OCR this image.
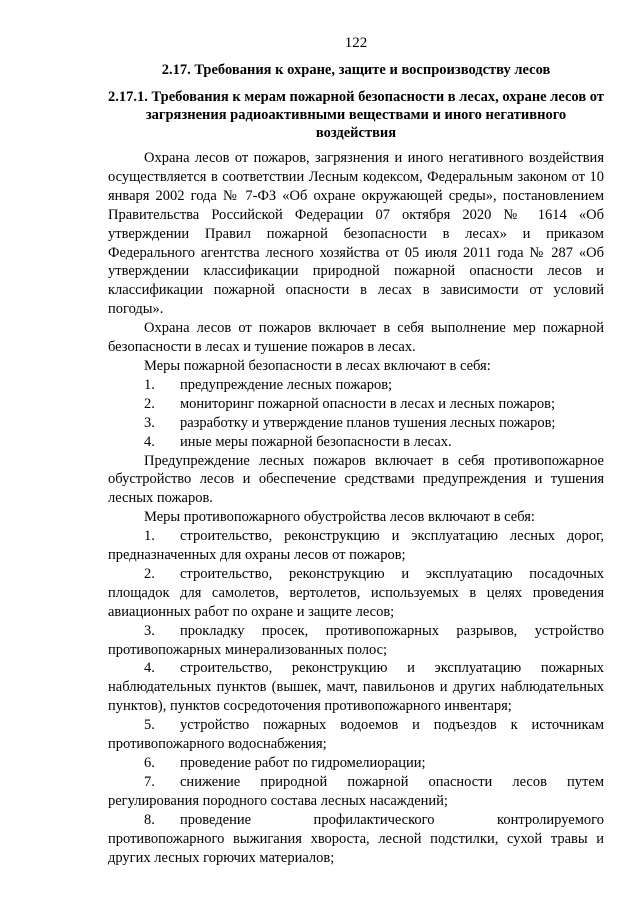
122
2.17. Требования к охране, защите и воспроизводству лесов
2.17.1. Требования к мерам пожарной безопасности в лесах, охране лесов от загрязнения радиоактивными веществами и иного негативного воздействия

Охрана лесов от пожаров, загрязнения и иного негативного воздействия осуществляется в соответствии Лесным кодексом, Федеральным законом от 10 января 2002 года № 7-ФЗ «Об охране окружающей среды», постановлением Правительства Российской Федерации 07 октября 2020 № 1614 «Об утверждении Правил пожарной безопасности в лесах» и приказом Федерального агентства лесного хозяйства от 05 июля 2011 года № 287 «Об утверждении классификации природной пожарной опасности лесов и классификации пожарной опасности в лесах в зависимости от условий погоды».

Охрана лесов от пожаров включает в себя выполнение мер пожарной безопасности в лесах и тушение пожаров в лесах.

Меры пожарной безопасности в лесах включают в себя:

1.	предупреждение лесных пожаров;
2.	мониторинг пожарной опасности в лесах и лесных пожаров;
3.	разработку и утверждение планов тушения лесных пожаров;
4.	иные меры пожарной безопасности в лесах.

Предупреждение лесных пожаров включает в себя противопожарное обустройство лесов и обеспечение средствами предупреждения и тушения лесных пожаров.

Меры противопожарного обустройства лесов включают в себя:

1. строительство, реконструкцию и эксплуатацию лесных дорог, предназначенных для охраны лесов от пожаров;

2. строительство, реконструкцию и эксплуатацию посадочных площадок для самолетов, вертолетов, используемых в целях проведения авиационных работ по охране и защите лесов;

3. прокладку просек, противопожарных разрывов, устройство противопожарных минерализованных полос;

4. строительство, реконструкцию и эксплуатацию пожарных наблюдательных пунктов (вышек, мачт, павильонов и других наблюдательных пунктов), пунктов сосредоточения противопожарного инвентаря;

5. устройство пожарных водоемов и подъездов к источникам противопожарного водоснабжения;

6. проведение работ по гидромелиорации;

7. снижение природной пожарной опасности лесов путем регулирования породного состава лесных насаждений;

8. проведение профилактического контролируемого противопожарного выжигания хвороста, лесной подстилки, сухой травы и других лесных горючих материалов;
